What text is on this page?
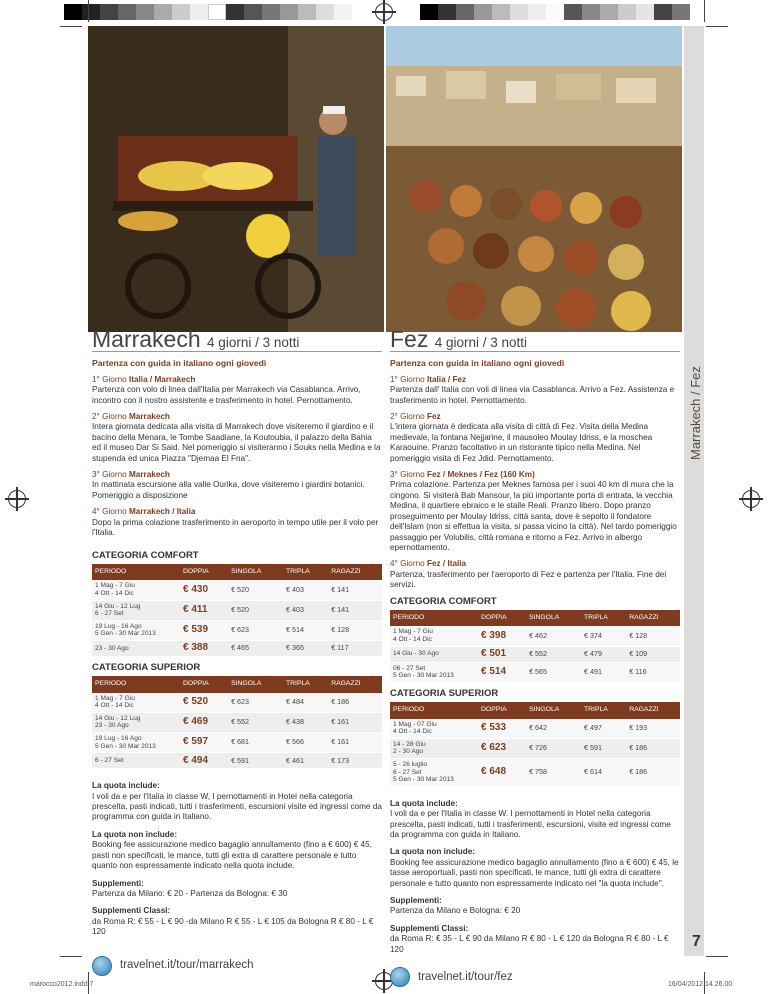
Marrakech / Fez
Marrakech 4 giorni / 3 notti
Partenza con guida in italiano ogni giovedì
1° Giorno Italia / Marrakech
Partenza con volo di linea dall'Italia per Marrakech via Casablanca. Arrivo, incontro con il nostro assistente e trasferimento in hotel. Pernottamento.
2° Giorno Marrakech
Intera giornata dedicata alla visita di Marrakech dove visiteremo il giardino e il bacino della Menara, le Tombe Saadiane, la Koutoubia, il palazzo della Bahia ed il museo Dar Si Said. Nel pomeriggio si visiteranno i Souks nella Medina e la stupenda ed unica Piazza "Djemaa El Fna".
3° Giorno Marrakech
In mattinata escursione alla valle Ourika, dove visiteremo i giardini botanici. Pomeriggio a disposizione
4° Giorno Marrakech / Italia
Dopo la prima colazione trasferimento in aeroporto in tempo utile per il volo per l'Italia.
CATEGORIA COMFORT
PERIODO	DOPPIA	SINGOLA	TRIPLA	RAGAZZI
1 Mag - 7 Giu
4 Ott - 14 Dic	€ 430	€ 520	€ 403	€ 141
14 Giu - 12 Lug
6 - 27 Set	€ 411	€ 520	€ 403	€ 141
19 Lug - 16 Ago
5 Gen - 30 Mar 2013	€ 539	€ 623	€ 514	€ 128
23 - 30 Ago	€ 388	€ 465	€ 365	€ 117
CATEGORIA SUPERIOR
PERIODO	DOPPIA	SINGOLA	TRIPLA	RAGAZZI
1 Mag - 7 Giu
4 Ott - 14 Dic	€ 520	€ 623	€ 484	€ 186
14 Giu - 12 Lug
23 - 30 Ago	€ 469	€ 552	€ 438	€ 161
19 Lug - 16 Ago
5 Gen - 30 Mar 2013	€ 597	€ 681	€ 566	€ 161
6 - 27 Set	€ 494	€ 591	€ 461	€ 173
La quota include:
I voli da e per l'Italia in classe W, I pernottamenti in Hotel nella categoria prescelta, pasti indicati, tutti i trasferimenti, escursioni visite ed ingressi come da programma con guida in Italiano.
La quota non include:
Booking fee assicurazione medico bagaglio annullamento (fino a € 600) € 45, pasti non specificati, le mance, tutti gli extra di carattere personale e tutto quanto non espressamente indicato nella quota include.
Supplementi:
Partenza da Milano: € 20 - Partenza da Bologna: € 30
Supplementi Classi:
da Roma R: € 55 - L € 90 -da Milano R € 55 - L € 105 da Bologna R € 80 - L € 120
travelnet.it/tour/marrakech
Fez 4 giorni / 3 notti
Partenza con guida in italiano ogni giovedì
1° Giorno Italia / Fez
Partenza dall' Italia con voli di linea via Casablanca. Arrivo a Fez. Assistenza e trasferimento in hotel. Pernottamento.
2° Giorno Fez
L'intera giornata è dedicata alla visita di città di Fez. Visita della Medina medievale, la fontana Nejjarine, il mausoleo Moulay Idriss, e la moschea Karaouine. Pranzo facoltativo in un ristorante tipico nella Medina. Nel pomeriggio visita di Fez Jdid. Pernottamento.
3° Giorno Fez / Meknes / Fez (160 Km)
Prima colazione. Partenza per Meknes famosa per i suoi 40 km di mura che la cingono. Si visiterà Bab Mansour, la più importante porta di entrata, la vecchia Medina, il quartiere ebraico e le stalle Reali. Pranzo libero. Dopo pranzo proseguimento per Moulay Idriss, città santa, dove è sepolto il fondatore dell'Islam (non si effettua la visita, si passa vicino la città). Nel tardo pomeriggio passaggio per Volubilis, città romana e ritorno a Fez. Arrivo in albergo epernottamento.
4° Giorno Fez / Italia
Partenza, trasferimento per l'aeroporto di Fez e partenza per l'Italia. Fine dei servizi.
CATEGORIA COMFORT
PERIODO	DOPPIA	SINGOLA	TRIPLA	RAGAZZI
1 Mag - 7 Giu
4 Ott - 14 Dic	€ 398	€ 462	€ 374	€ 128
14 Giu - 30 Ago	€ 501	€ 552	€ 479	€ 109
06 - 27 Set
5 Gen - 30 Mar 2013	€ 514	€ 565	€ 491	€ 116
CATEGORIA SUPERIOR
PERIODO	DOPPIA	SINGOLA	TRIPLA	RAGAZZI
1 Mag - 07 Giu
4 Ott - 14 Dic	€ 533	€ 642	€ 497	€ 193
14 - 28 Giu
2 - 30 Ago	€ 623	€ 726	€ 591	€ 186
5 - 26 luglio
6 - 27 Set
5 Gen - 30 Mar 2013	€ 648	€ 758	€ 614	€ 186
La quota include:
I voli da e per l'Italia in classe W. I pernottamenti in Hotel nella categoria prescelta, pasti indicati, tutti i trasferimenti, escursioni, visite ed ingressi come da programma con guida in Italiano.
La quota non include:
Booking fee assicurazione medico bagaglio annullamento (fino a € 600) € 45, le tasse aeroportuali, pasti non specificati, le mance, tutti gli extra di carattere personale e tutto quanto non espressamente indicato nel "la quota include".
Supplementi:
Partenza da Milano e Bologna: € 20
Supplementi Classi:
da Roma R: € 35 - L € 90 da Milano R € 80 - L € 120 da Bologna R € 80 - L € 120
travelnet.it/tour/fez
7
marocco2012.indd 7	16/04/2012 14.26.00
